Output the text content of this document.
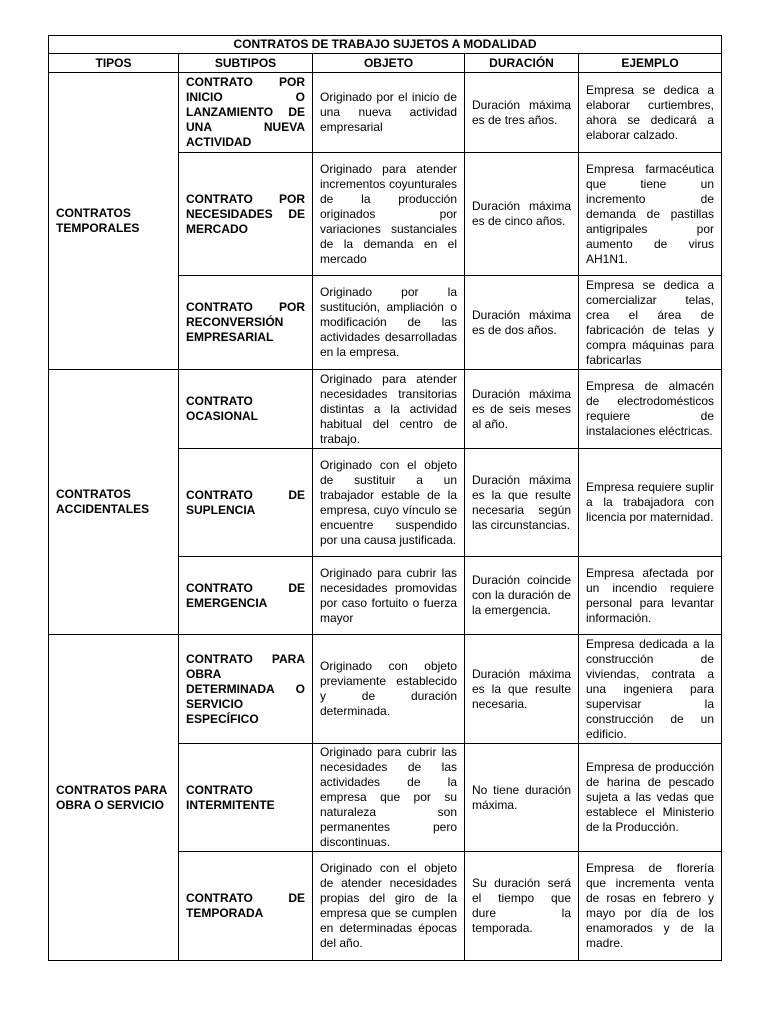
CONTRATOS DE TRABAJO SUJETOS A MODALIDAD				
TIPOS	SUBTIPOS	OBJETO	DURACIÓN	EJEMPLO
CONTRATOS TEMPORALES	CONTRATO POR INICIO O LANZAMIENTO DE UNA NUEVA ACTIVIDAD	Originado por el inicio de una nueva actividad empresarial	Duración máxima es de tres años.	Empresa se dedica a elaborar curtiembres, ahora se dedicará a elaborar calzado.
	CONTRATO POR NECESIDADES DE MERCADO	Originado para atender incrementos coyunturales de la producción originados por variaciones sustanciales de la demanda en el mercado	Duración máxima es de cinco años.	Empresa farmacéutica que tiene un incremento de demanda de pastillas antigripales por aumento de virus AH1N1.
	CONTRATO POR RECONVERSIÓN EMPRESARIAL	Originado por la sustitución, ampliación o modificación de las actividades desarrolladas en la empresa.	Duración máxima es de dos años.	Empresa se dedica a comercializar telas, crea el área de fabricación de telas y compra máquinas para fabricarlas
CONTRATOS ACCIDENTALES	CONTRATO OCASIONAL	Originado para atender necesidades transitorias distintas a la actividad habitual del centro de trabajo.	Duración máxima es de seis meses al año.	Empresa de almacén de electrodomésticos requiere de instalaciones eléctricas.
	CONTRATO DE SUPLENCIA	Originado con el objeto de sustituir a un trabajador estable de la empresa, cuyo vínculo se encuentre suspendido por una causa justificada.	Duración máxima es la que resulte necesaria según las circunstancias.	Empresa requiere suplir a la trabajadora con licencia por maternidad.
	CONTRATO DE EMERGENCIA	Originado para cubrir las necesidades promovidas por caso fortuito o fuerza mayor	Duración coincide con la duración de la emergencia.	Empresa afectada por un incendio requiere personal para levantar información.
CONTRATOS PARA OBRA O SERVICIO	CONTRATO PARA OBRA DETERMINADA O SERVICIO ESPECÍFICO	Originado con objeto previamente establecido y de duración determinada.	Duración máxima es la que resulte necesaria.	Empresa dedicada a la construcción de viviendas, contrata a una ingeniera para supervisar la construcción de un edificio.
	CONTRATO INTERMITENTE	Originado para cubrir las necesidades de las actividades de la empresa que por su naturaleza son permanentes pero discontinuas.	No tiene duración máxima.	Empresa de producción de harina de pescado sujeta a las vedas que establece el Ministerio de la Producción.
	CONTRATO DE TEMPORADA	Originado con el objeto de atender necesidades propias del giro de la empresa que se cumplen en determinadas épocas del año.	Su duración será el tiempo que dure la temporada.	Empresa de florería que incrementa venta de rosas en febrero y mayo por día de los enamorados y de la madre.
